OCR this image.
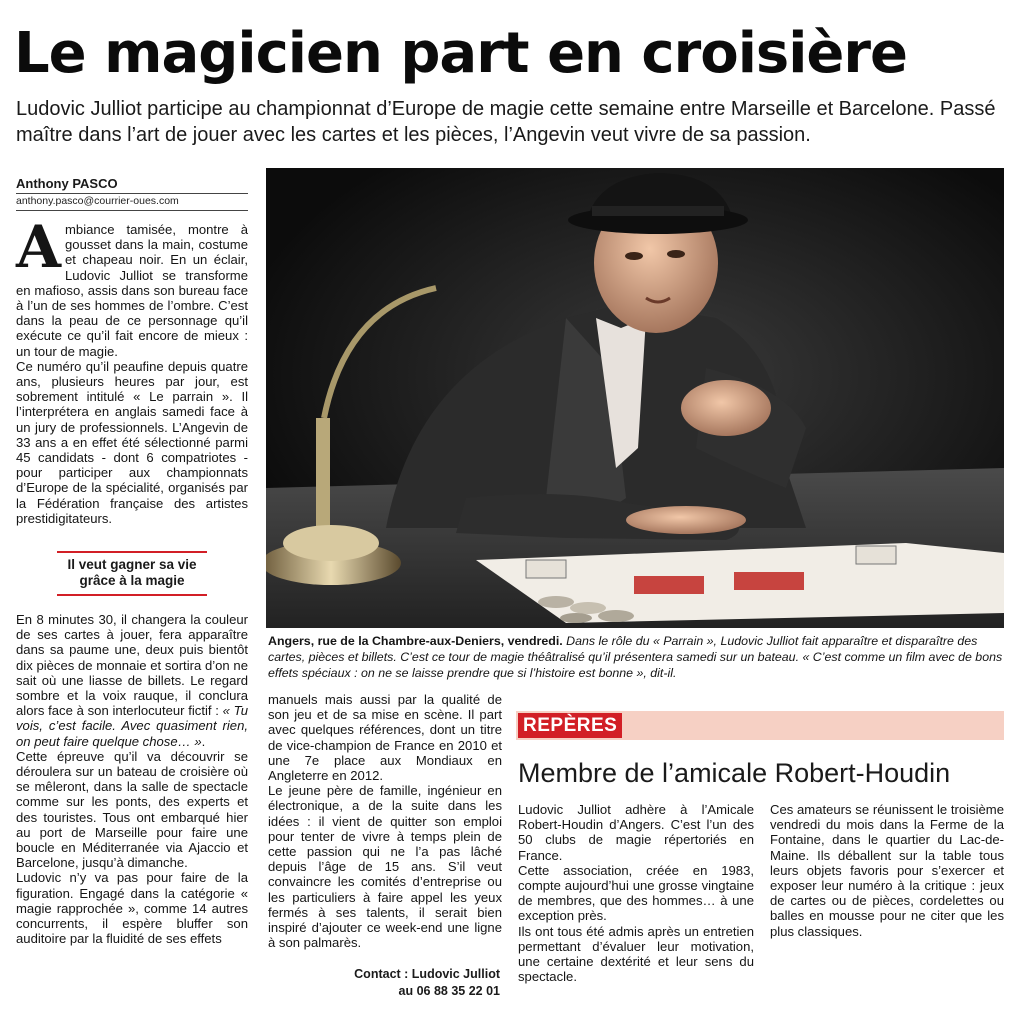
Le magicien part en croisière
Ludovic Julliot participe au championnat d’Europe de magie cette semaine entre Marseille et Barcelone. Passé maître dans l’art de jouer avec les cartes et les pièces, l’Angevin veut vivre de sa passion.
Anthony PASCO
anthony.pasco@courrier-oues.com

Ambiance tamisée, montre à gousset dans la main, costume et chapeau noir. En un éclair, Ludovic Julliot se transforme en mafioso, assis dans son bureau face à l’un de ses hommes de l’ombre. C’est dans la peau de ce personnage qu’il exécute ce qu’il fait encore de mieux : un tour de magie.

Ce numéro qu’il peaufine depuis quatre ans, plusieurs heures par jour, est sobrement intitulé « Le parrain ». Il l’interprétera en anglais samedi face à un jury de professionnels. L’Angevin de 33 ans a en effet été sélectionné parmi 45 candidats - dont 6 compatriotes - pour participer aux championnats d’Europe de la spécialité, organisés par la Fédération française des artistes prestidigitateurs.

Il veut gagner sa vie
grâce à la magie

En 8 minutes 30, il changera la couleur de ses cartes à jouer, fera apparaître dans sa paume une, deux puis bientôt dix pièces de monnaie et sortira d’on ne sait où une liasse de billets. Le regard sombre et la voix rauque, il conclura alors face à son interlocuteur fictif : « Tu vois, c’est facile. Avec quasiment rien, on peut faire quelque chose… ».

Cette épreuve qu’il va découvrir se déroulera sur un bateau de croisière où se mêleront, dans la salle de spectacle comme sur les ponts, des experts et des touristes. Tous ont embarqué hier au port de Marseille pour faire une boucle en Méditerranée via Ajaccio et Barcelone, jusqu’à dimanche.

Ludovic n’y va pas pour faire de la figuration. Engagé dans la catégorie « magie rapprochée », comme 14 autres concurrents, il espère bluffer son auditoire par la fluidité de ses effets

Angers, rue de la Chambre-aux-Deniers, vendredi. Dans le rôle du « Parrain », Ludovic Julliot fait apparaître et disparaître des cartes, pièces et billets. C’est ce tour de magie théâtralisé qu’il présentera samedi sur un bateau. « C’est comme un film avec de bons effets spéciaux : on ne se laisse prendre que si l’histoire est bonne », dit-il.

manuels mais aussi par la qualité de son jeu et de sa mise en scène. Il part avec quelques références, dont un titre de vice-champion de France en 2010 et une 7e place aux Mondiaux en Angleterre en 2012.

Le jeune père de famille, ingénieur en électronique, a de la suite dans les idées : il vient de quitter son emploi pour tenter de vivre à temps plein de cette passion qui ne l’a pas lâché depuis l’âge de 15 ans. S’il veut convaincre les comités d’entreprise ou les particuliers à faire appel les yeux fermés à ses talents, il serait bien inspiré d’ajouter ce week-end une ligne à son palmarès.

Contact : Ludovic Julliot
au 06 88 35 22 01
REPÈRES
Membre de l’amicale Robert-Houdin

Ludovic Julliot adhère à l’Amicale Robert-Houdin d’Angers. C’est l’un des 50 clubs de magie répertoriés en France.

Cette association, créée en 1983, compte aujourd’hui une grosse vingtaine de membres, que des hommes… à une exception près.

Ils ont tous été admis après un entretien permettant d’évaluer leur motivation, une certaine dextérité et leur sens du spectacle.

Ces amateurs se réunissent le troisième vendredi du mois dans la Ferme de la Fontaine, dans le quartier du Lac-de-Maine. Ils déballent sur la table tous leurs objets favoris pour s’exercer et exposer leur numéro à la critique : jeux de cartes ou de pièces, cordelettes ou balles en mousse pour ne citer que les plus classiques.
